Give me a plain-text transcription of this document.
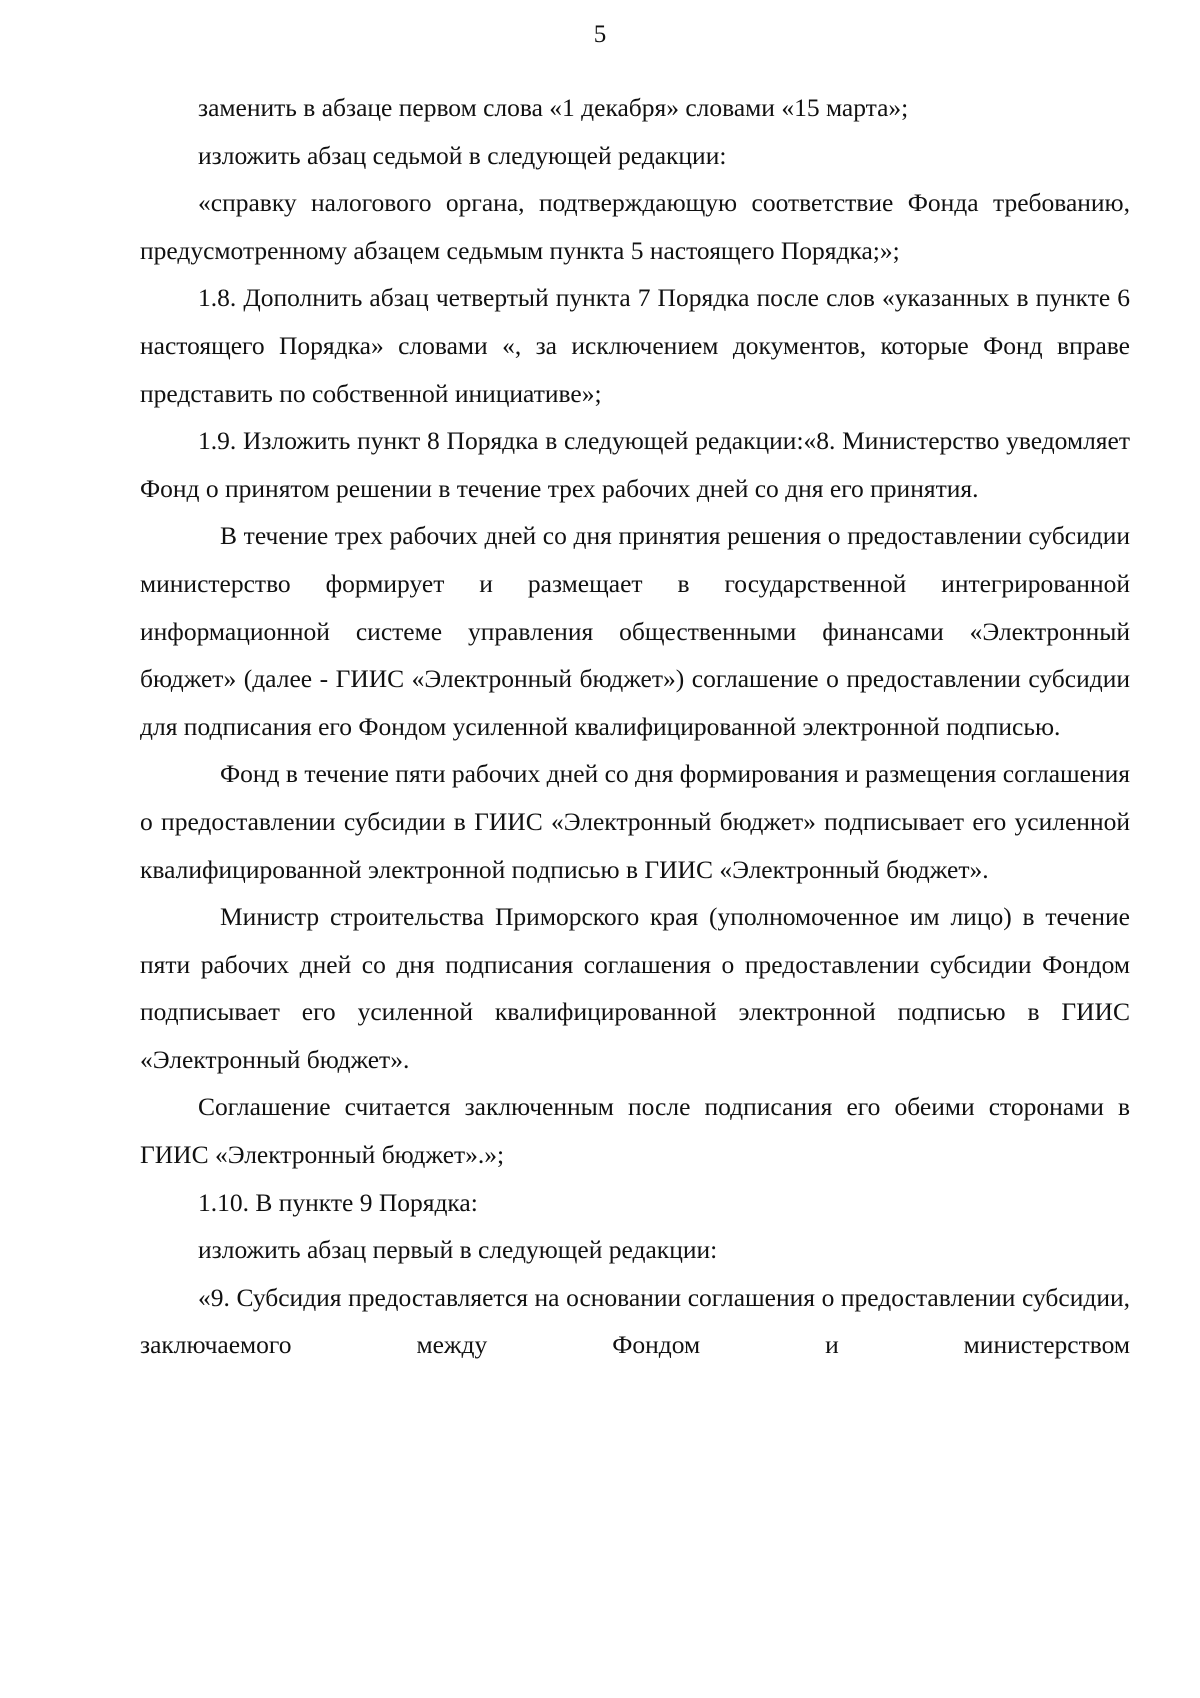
5

заменить в абзаце первом слова «1 декабря» словами «15 марта»;

изложить абзац седьмой в следующей редакции:

«справку налогового органа, подтверждающую соответствие Фонда требованию, предусмотренному абзацем седьмым пункта 5 настоящего Порядка;»;

1.8. Дополнить абзац четвертый пункта 7 Порядка после слов «указанных в пункте 6 настоящего Порядка» словами «, за исключением документов, которые Фонд вправе представить по собственной инициативе»;

1.9. Изложить пункт 8 Порядка в следующей редакции:«8. Министерство уведомляет Фонд о принятом решении в течение трех рабочих дней со дня его принятия.

В течение трех рабочих дней со дня принятия решения о предоставлении субсидии министерство формирует и размещает в государственной интегрированной информационной системе управления общественными финансами «Электронный бюджет» (далее - ГИИС «Электронный бюджет») соглашение о предоставлении субсидии для подписания его Фондом усиленной квалифицированной электронной подписью.

Фонд в течение пяти рабочих дней со дня формирования и размещения соглашения о предоставлении субсидии в ГИИС «Электронный бюджет» подписывает его усиленной квалифицированной электронной подписью в ГИИС «Электронный бюджет».

Министр строительства Приморского края (уполномоченное им лицо) в течение пяти рабочих дней со дня подписания соглашения о предоставлении субсидии Фондом подписывает его усиленной квалифицированной электронной подписью в ГИИС «Электронный бюджет».

Соглашение считается заключенным после подписания его обеими сторонами в ГИИС «Электронный бюджет».»;

1.10. В пункте 9 Порядка:

изложить абзац первый в следующей редакции:

«9. Субсидия предоставляется на основании соглашения о предоставлении субсидии, заключаемого между Фондом и министерством
